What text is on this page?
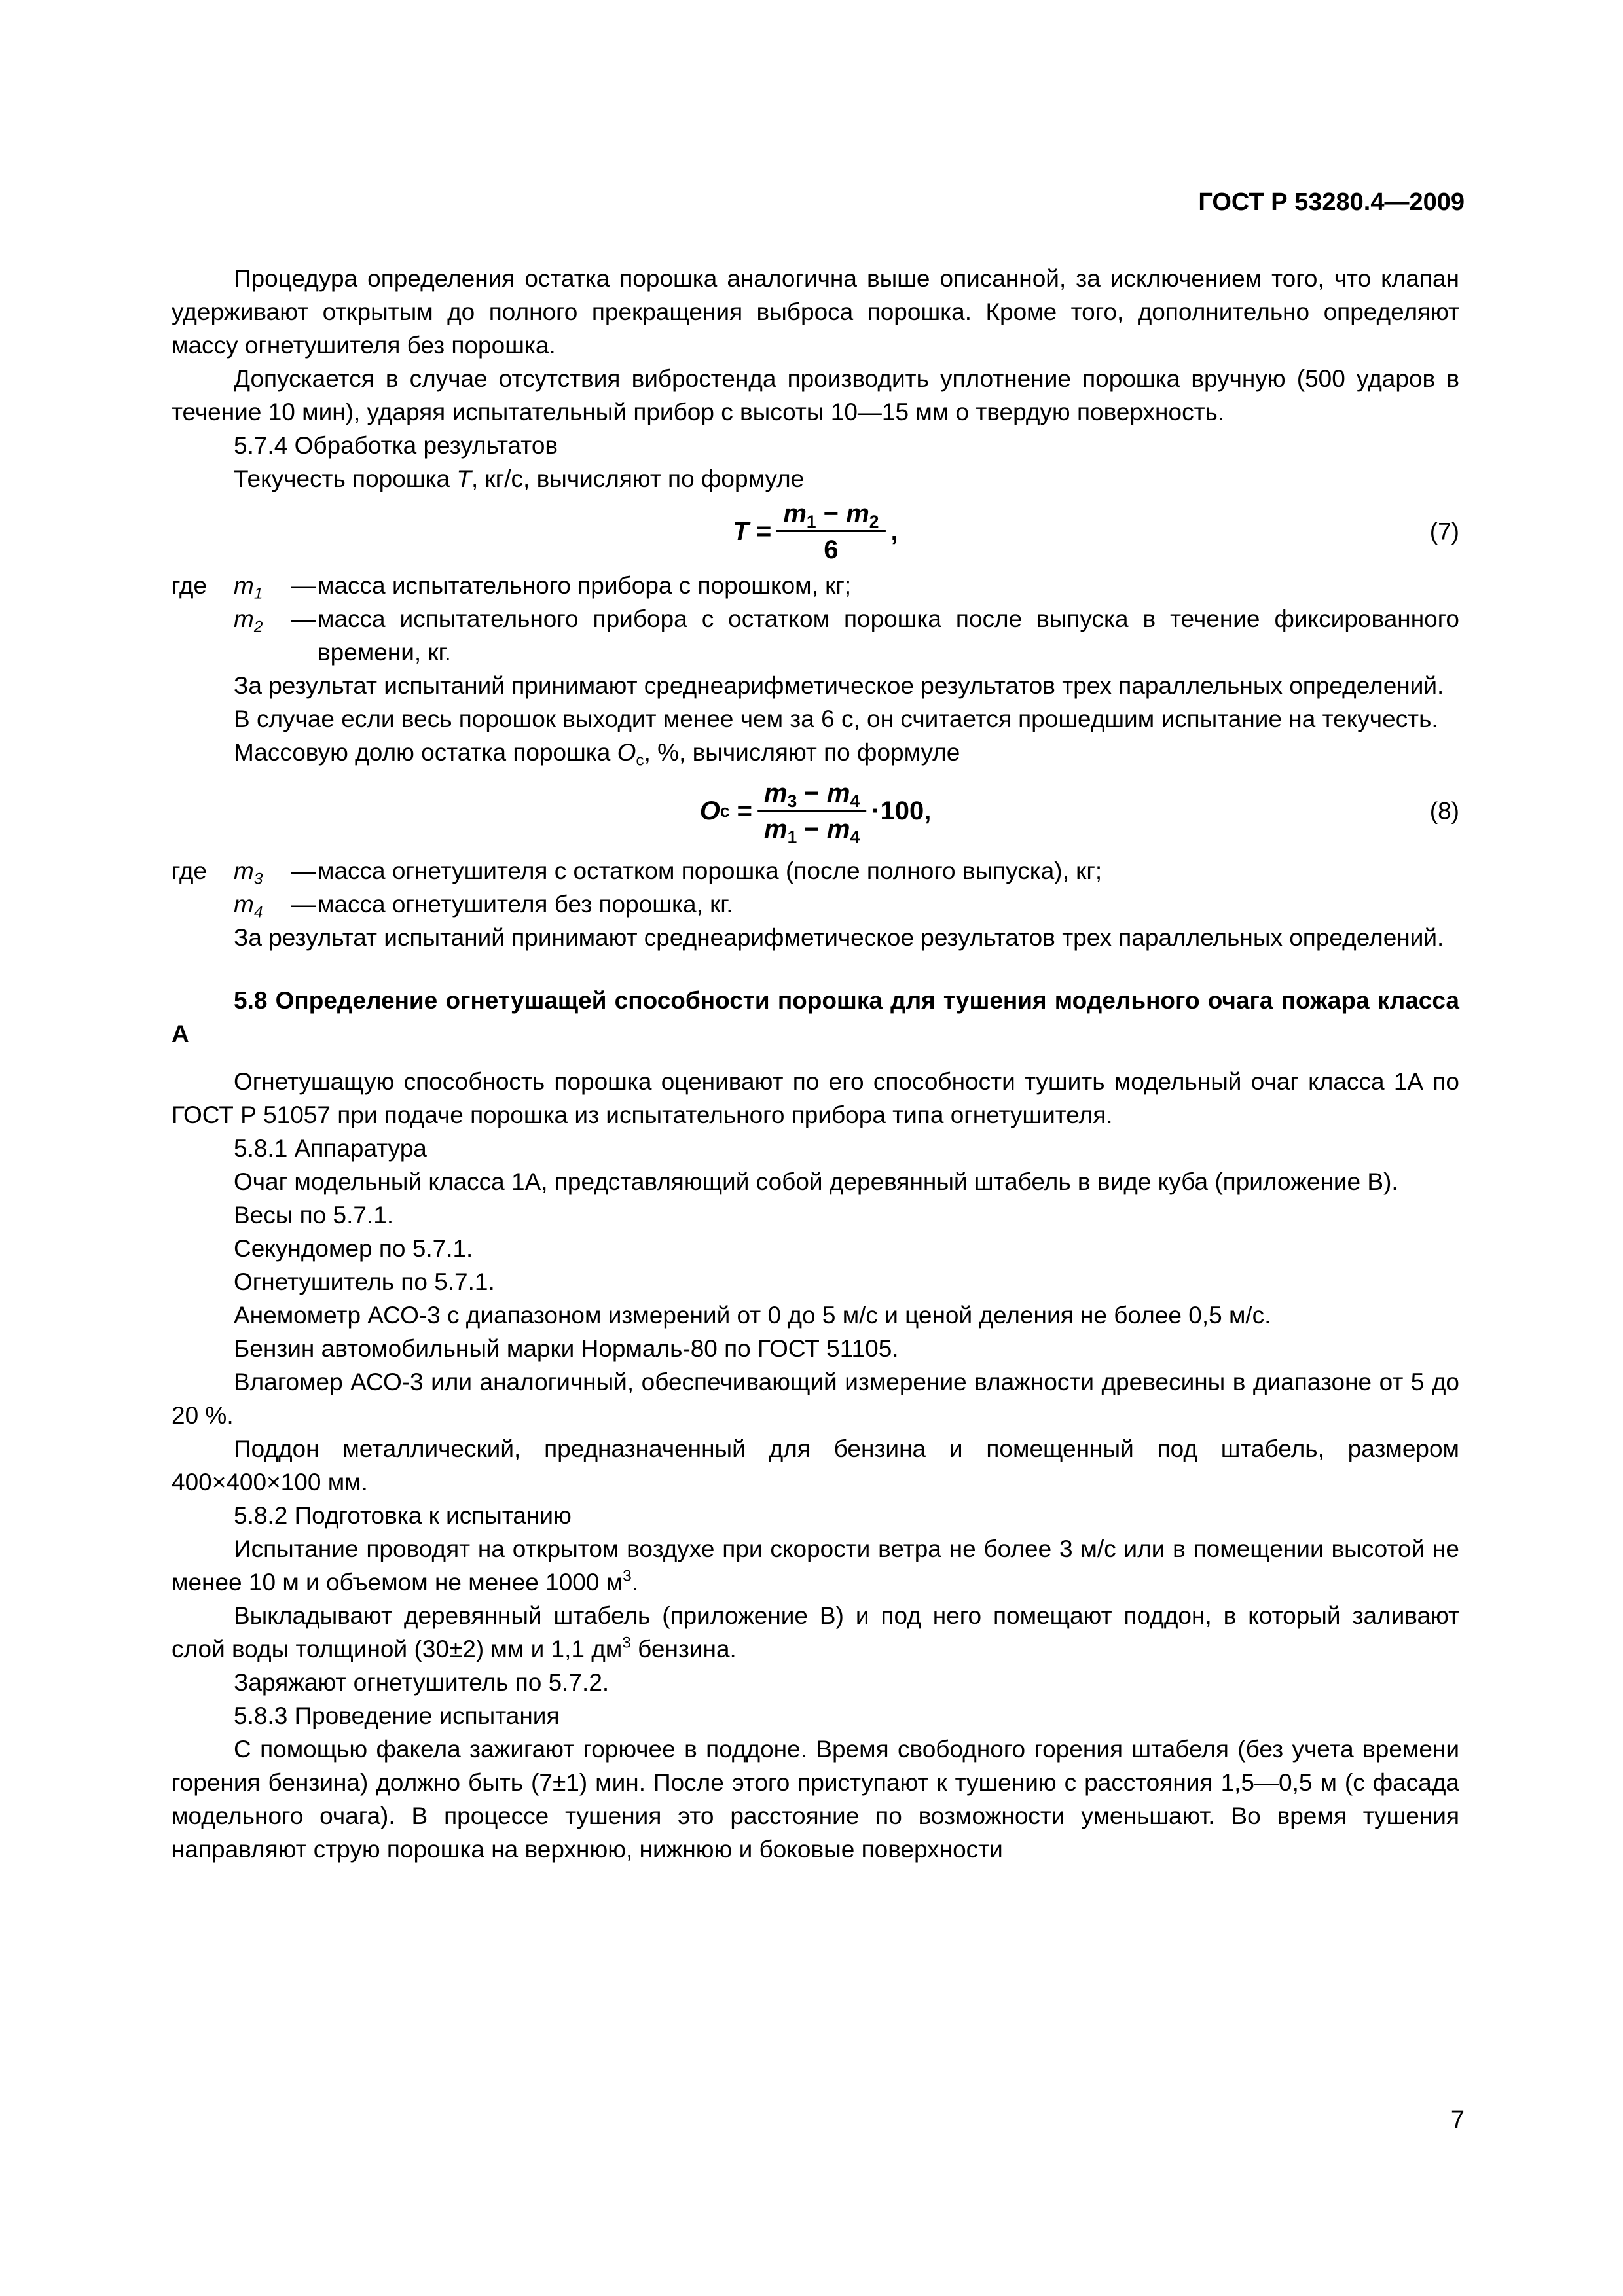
ГОСТ Р 53280.4—2009

Процедура определения остатка порошка аналогична выше описанной, за исключением того, что клапан удерживают открытым до полного прекращения выброса порошка. Кроме того, дополнительно определяют массу огнетушителя без порошка.

Допускается в случае отсутствия вибростенда производить уплотнение порошка вручную (500 ударов в течение 10 мин), ударяя испытательный прибор с высоты 10—15 мм о твердую поверхность.

5.7.4 Обработка результатов

Текучесть порошка T, кг/с, вычисляют по формуле

T
= $\frac{m_1 - m_2}{6}$ ,	(7)
где	$m_1$	— масса испытательного прибора с порошком, кг;
$m_2$	— масса испытательного прибора с остатком порошка после выпуска в течение фиксированного времени, кг.

За результат испытаний принимают среднеарифметическое результатов трех параллельных определений.

В случае если весь порошок выходит менее чем за 6 с, он считается прошедшим испытание на текучесть.

Массовую долю остатка порошка $O_с$, %, вычисляют по формуле

O с
= $\frac{m_3 - m_4}{m_1 - m_4} \cdot 100$,	(8)
где	$m_3$	— масса огнетушителя с остатком порошка (после полного выпуска), кг;
$m_4$	— масса огнетушителя без порошка, кг.

За результат испытаний принимают среднеарифметическое результатов трех параллельных определений.

5.8 Определение огнетушащей способности порошка для тушения модельного очага пожара класса А

Огнетушащую способность порошка оценивают по его способности тушить модельный очаг класса 1А по ГОСТ Р 51057 при подаче порошка из испытательного прибора типа огнетушителя.

5.8.1 Аппаратура

Очаг модельный класса 1А, представляющий собой деревянный штабель в виде куба (приложение В).

Весы по 5.7.1.

Секундомер по 5.7.1.

Огнетушитель по 5.7.1.

Анемометр АСО-3 с диапазоном измерений от 0 до 5 м/с и ценой деления не более 0,5 м/с.

Бензин автомобильный марки Нормаль-80 по ГОСТ 51105.

Влагомер АСО-3 или аналогичный, обеспечивающий измерение влажности древесины в диапазоне от 5 до 20 %.

Поддон металлический, предназначенный для бензина и помещенный под штабель, размером 400×400×100 мм.

5.8.2 Подготовка к испытанию

Испытание проводят на открытом воздухе при скорости ветра не более 3 м/с или в помещении высотой не менее 10 м и объемом не менее 1000 $м^3$.

Выкладывают деревянный штабель (приложение В) и под него помещают поддон, в который заливают слой воды толщиной (30±2) мм и 1,1 $дм^3$ бензина.

Заряжают огнетушитель по 5.7.2.

5.8.3 Проведение испытания

С помощью факела зажигают горючее в поддоне. Время свободного горения штабеля (без учета времени горения бензина) должно быть (7±1) мин. После этого приступают к тушению с расстояния 1,5—0,5 м (с фасада модельного очага). В процессе тушения это расстояние по возможности уменьшают. Во время тушения направляют струю порошка на верхнюю, нижнюю и боковые поверхности

7
